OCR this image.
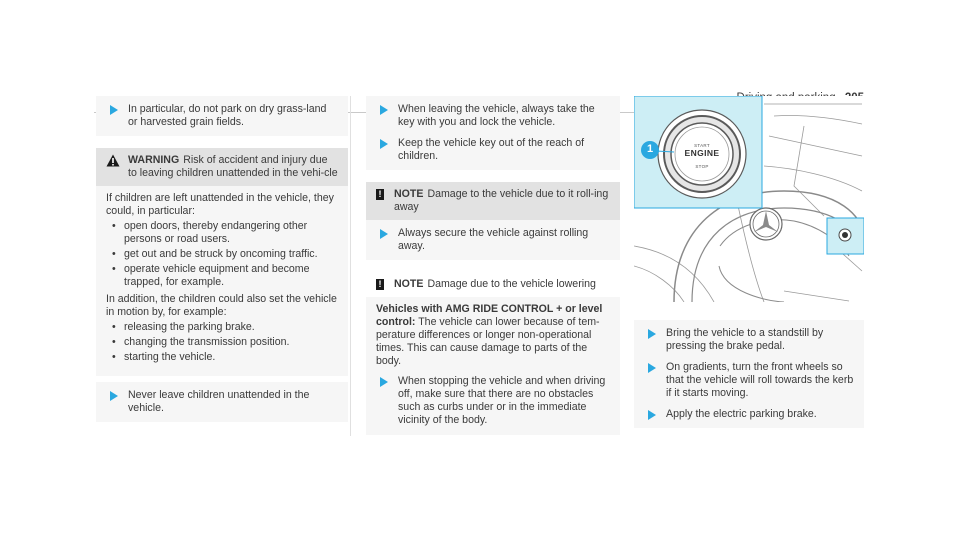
In particular, do not park on dry grass-land or harvested grain fields.
WARNING Risk of accident and injury due to leaving children unattended in the vehi-cle
If children are left unattended in the vehicle, they could, in particular:
• open doors, thereby endangering other persons or road users.
• get out and be struck by oncoming traffic.
• operate vehicle equipment and become trapped, for example.
In addition, the children could also set the vehicle in motion by, for example:
• releasing the parking brake.
• changing the transmission position.
• starting the vehicle.
Never leave children unattended in the vehicle.
When leaving the vehicle, always take the key with you and lock the vehicle.
Keep the vehicle key out of the reach of children.
! NOTE Damage to the vehicle due to it roll-ing away
Always secure the vehicle against rolling away.
! NOTE Damage due to the vehicle lowering
Vehicles with AMG RIDE CONTROL + or level control: The vehicle can lower because of tem-perature differences or longer non-operational times. This can cause damage to parts of the body.
When stopping the vehicle and when driving off, make sure that there are no obstacles such as curbs under or in the immediate vicinity of the body.
1	START
ENGINE
STOP
Bring the vehicle to a standstill by pressing the brake pedal.
On gradients, turn the front wheels so that the vehicle will roll towards the kerb if it starts moving.
Apply the electric parking brake.
